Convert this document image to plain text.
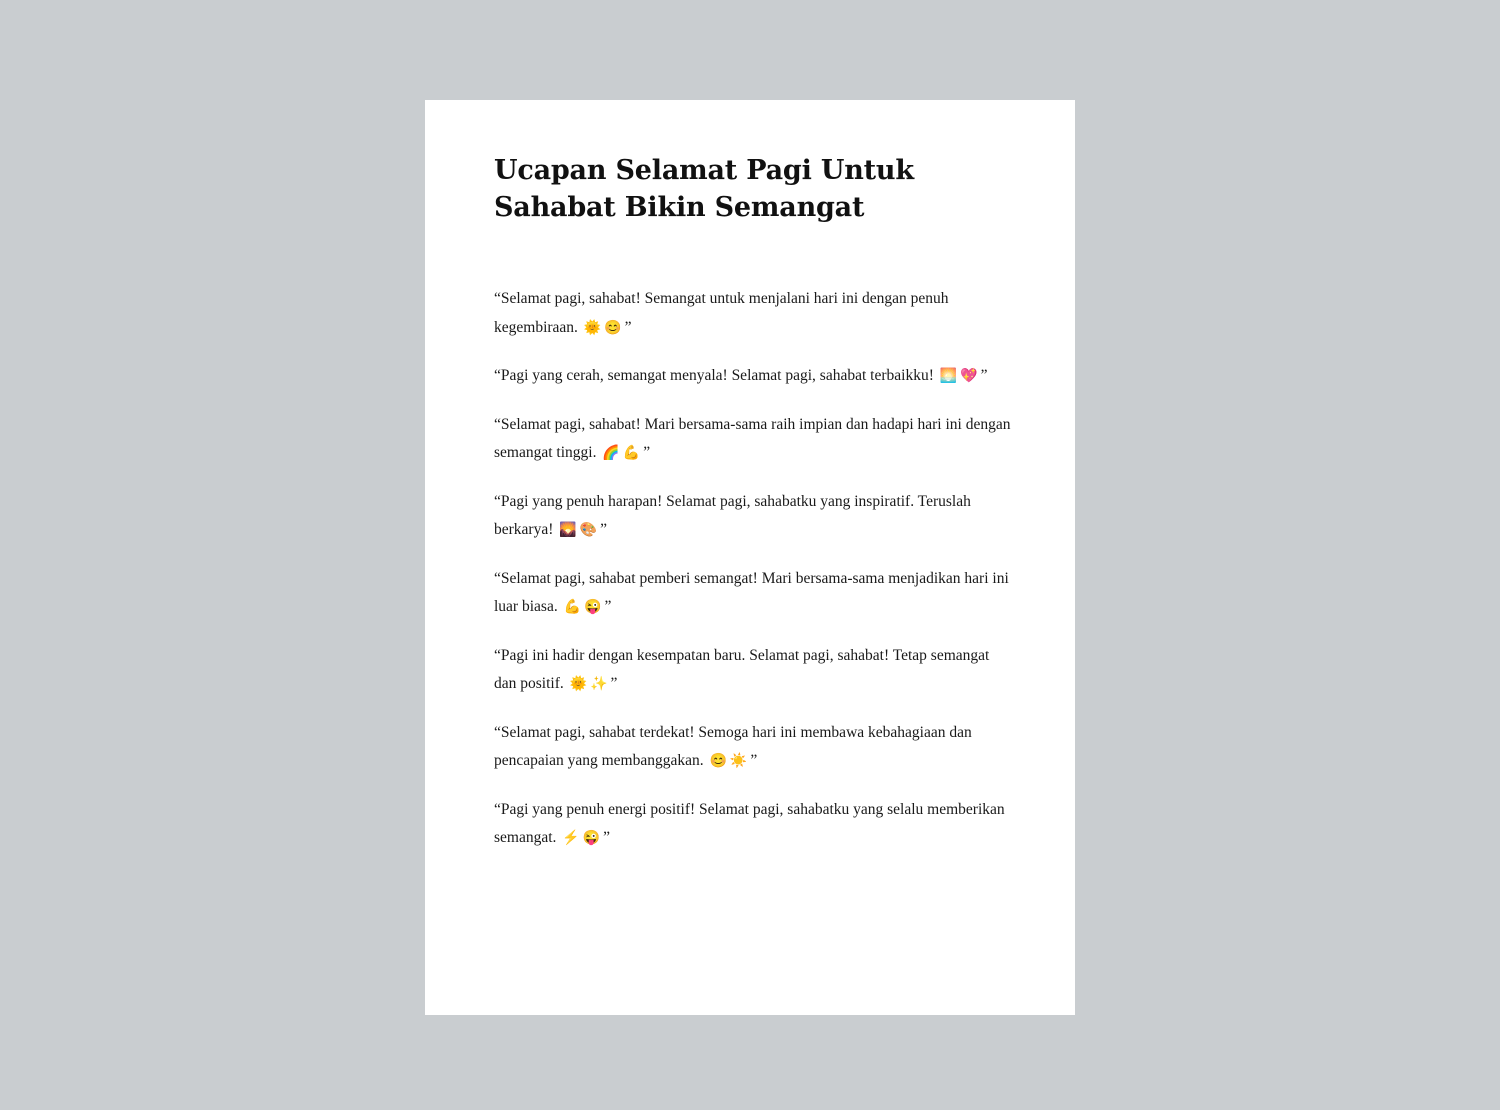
Ucapan Selamat Pagi Untuk Sahabat Bikin Semangat

“Selamat pagi, sahabat! Semangat untuk menjalani hari ini dengan penuh kegembiraan. 🌞 😊 ”

“Pagi yang cerah, semangat menyala! Selamat pagi, sahabat terbaikku! 🌅 💖 ”

“Selamat pagi, sahabat! Mari bersama-sama raih impian dan hadapi hari ini dengan semangat tinggi. 🌈 💪 ”

“Pagi yang penuh harapan! Selamat pagi, sahabatku yang inspiratif. Teruslah berkarya! 🌄 🎨 ”

“Selamat pagi, sahabat pemberi semangat! Mari bersama-sama menjadikan hari ini luar biasa. 💪 😜 ”

“Pagi ini hadir dengan kesempatan baru. Selamat pagi, sahabat! Tetap semangat dan positif. 🌞 ✨ ”

“Selamat pagi, sahabat terdekat! Semoga hari ini membawa kebahagiaan dan pencapaian yang membanggakan. 😊 ☀️ ”

“Pagi yang penuh energi positif! Selamat pagi, sahabatku yang selalu memberikan semangat. ⚡ 😜 ”
